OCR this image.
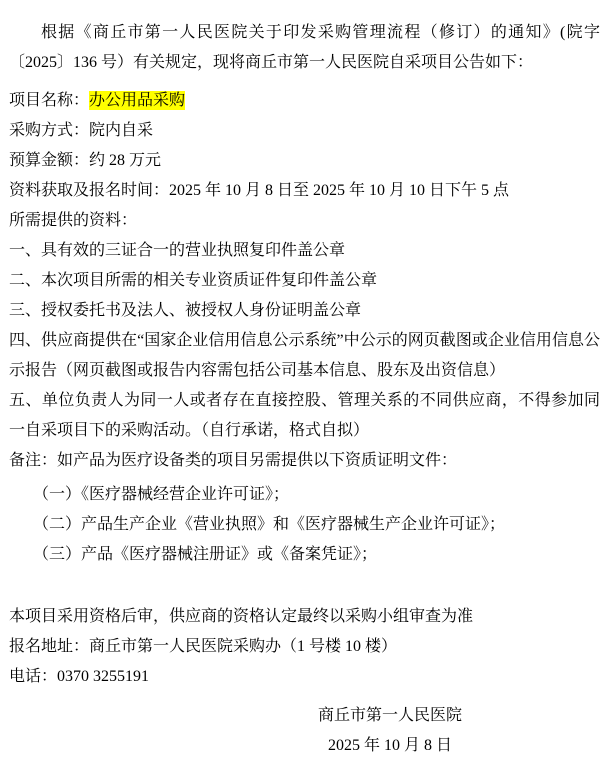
根据《商丘市第一人民医院关于印发采购管理流程（修订）的通知》(院字〔2025〕136 号）有关规定，现将商丘市第一人民医院自采项目公告如下：

项目名称：办公用品采购

采购方式：院内自采

预算金额：约 28 万元

资料获取及报名时间：2025 年 10 月 8 日至 2025 年 10 月 10 日下午 5 点

所需提供的资料：

一、具有效的三证合一的营业执照复印件盖公章

二、本次项目所需的相关专业资质证件复印件盖公章

三、授权委托书及法人、被授权人身份证明盖公章

四、供应商提供在“国家企业信用信息公示系统”中公示的网页截图或企业信用信息公示报告（网页截图或报告内容需包括公司基本信息、股东及出资信息）

五、单位负责人为同一人或者存在直接控股、管理关系的不同供应商，不得参加同一自采项目下的采购活动。（自行承诺，格式自拟）

备注：如产品为医疗设备类的项目另需提供以下资质证明文件：

（一）《医疗器械经营企业许可证》；

（二）产品生产企业《营业执照》和《医疗器械生产企业许可证》；

（三）产品《医疗器械注册证》或《备案凭证》；

本项目采用资格后审，供应商的资格认定最终以采购小组审查为准

报名地址：商丘市第一人民医院采购办（1 号楼 10 楼）

电话：0370 3255191

商丘市第一人民医院

2025 年 10 月 8 日
